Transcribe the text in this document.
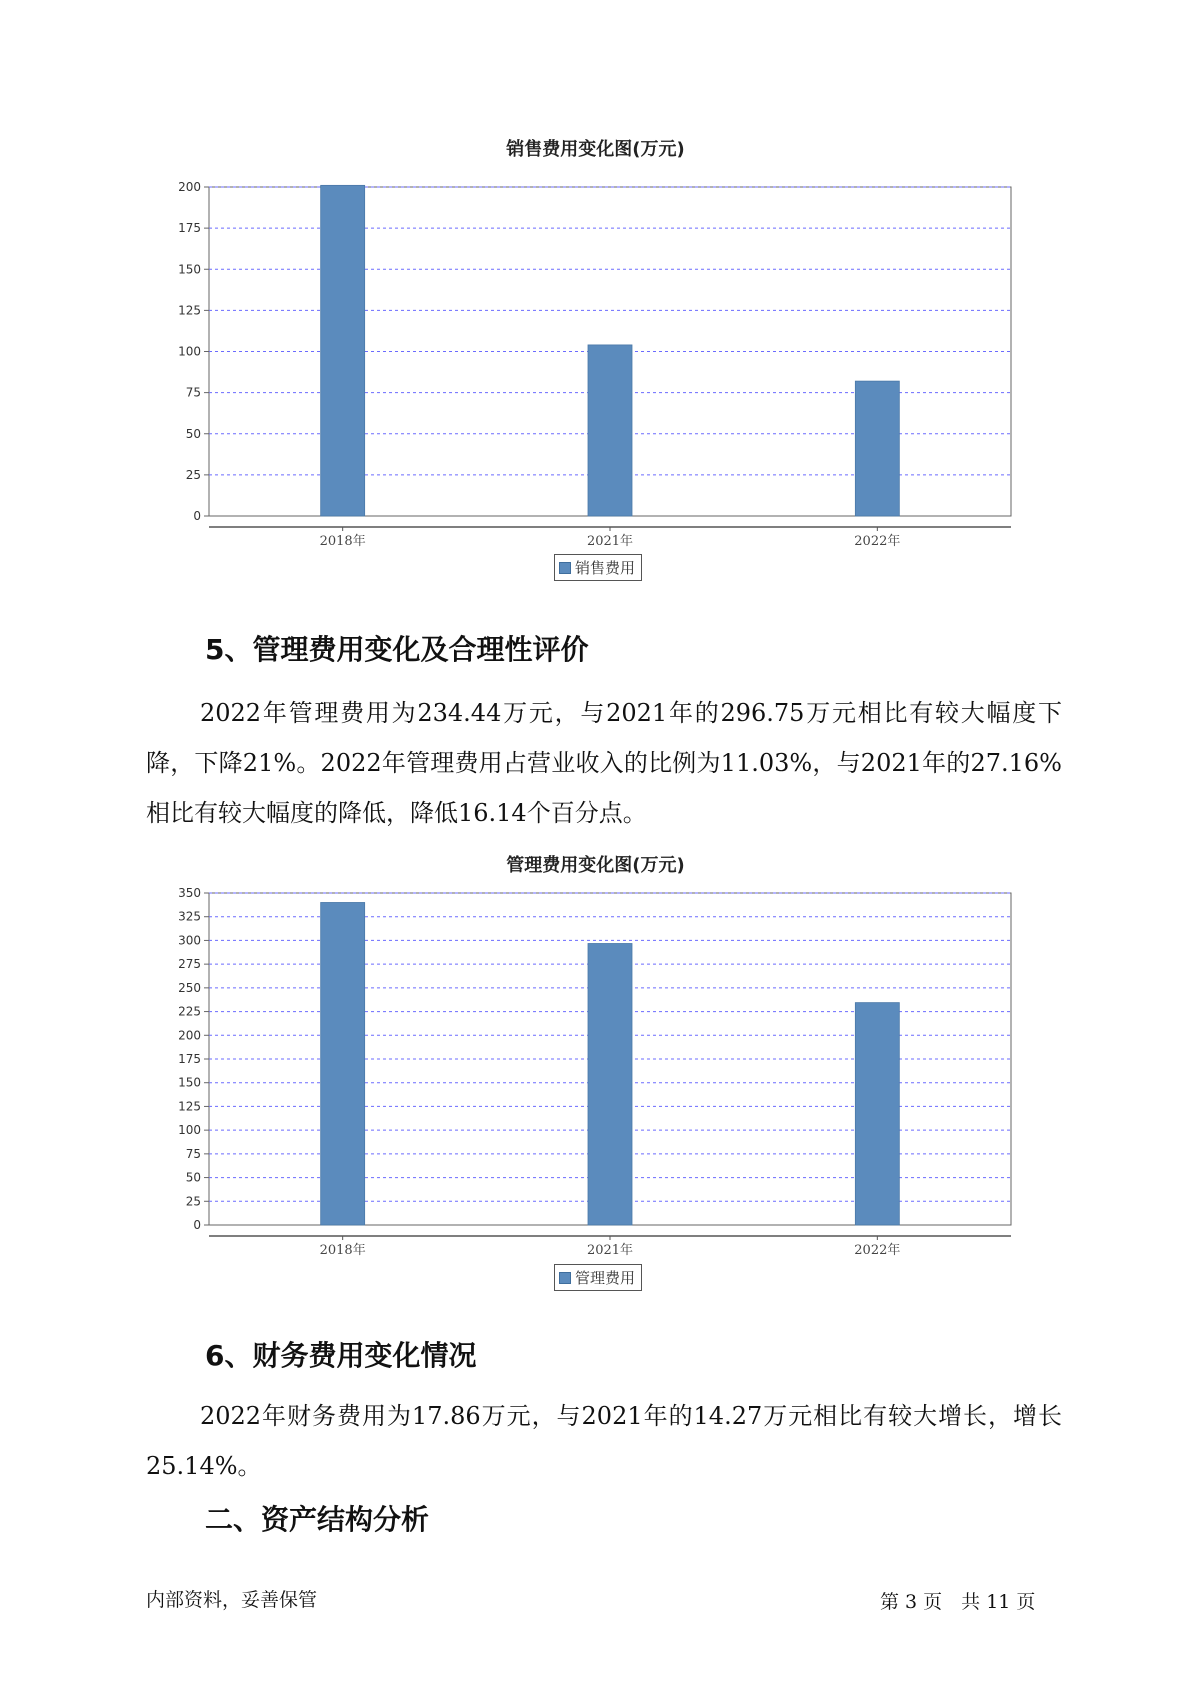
销售费用变化图(万元)
0
25
50
75
100
125
150
175
200
2018年	2021年	2022年
销售费用
5、管理费用变化及合理性评价
2022年管理费用为234.44万元，与2021年的296.75万元相比有较大幅度下降，下降21%。2022年管理费用占营业收入的比例为11.03%，与2021年的27.16%相比有较大幅度的降低，降低16.14个百分点。
管理费用变化图(万元)
0
25
50
75
100
125
150
175
200
225
250
275
300
325
350
2018年	2021年	2022年
管理费用
6、财务费用变化情况
2022年财务费用为17.86万元，与2021年的14.27万元相比有较大增长，增长25.14%。
二、资产结构分析
内部资料，妥善保管	第 3 页　共 11 页
